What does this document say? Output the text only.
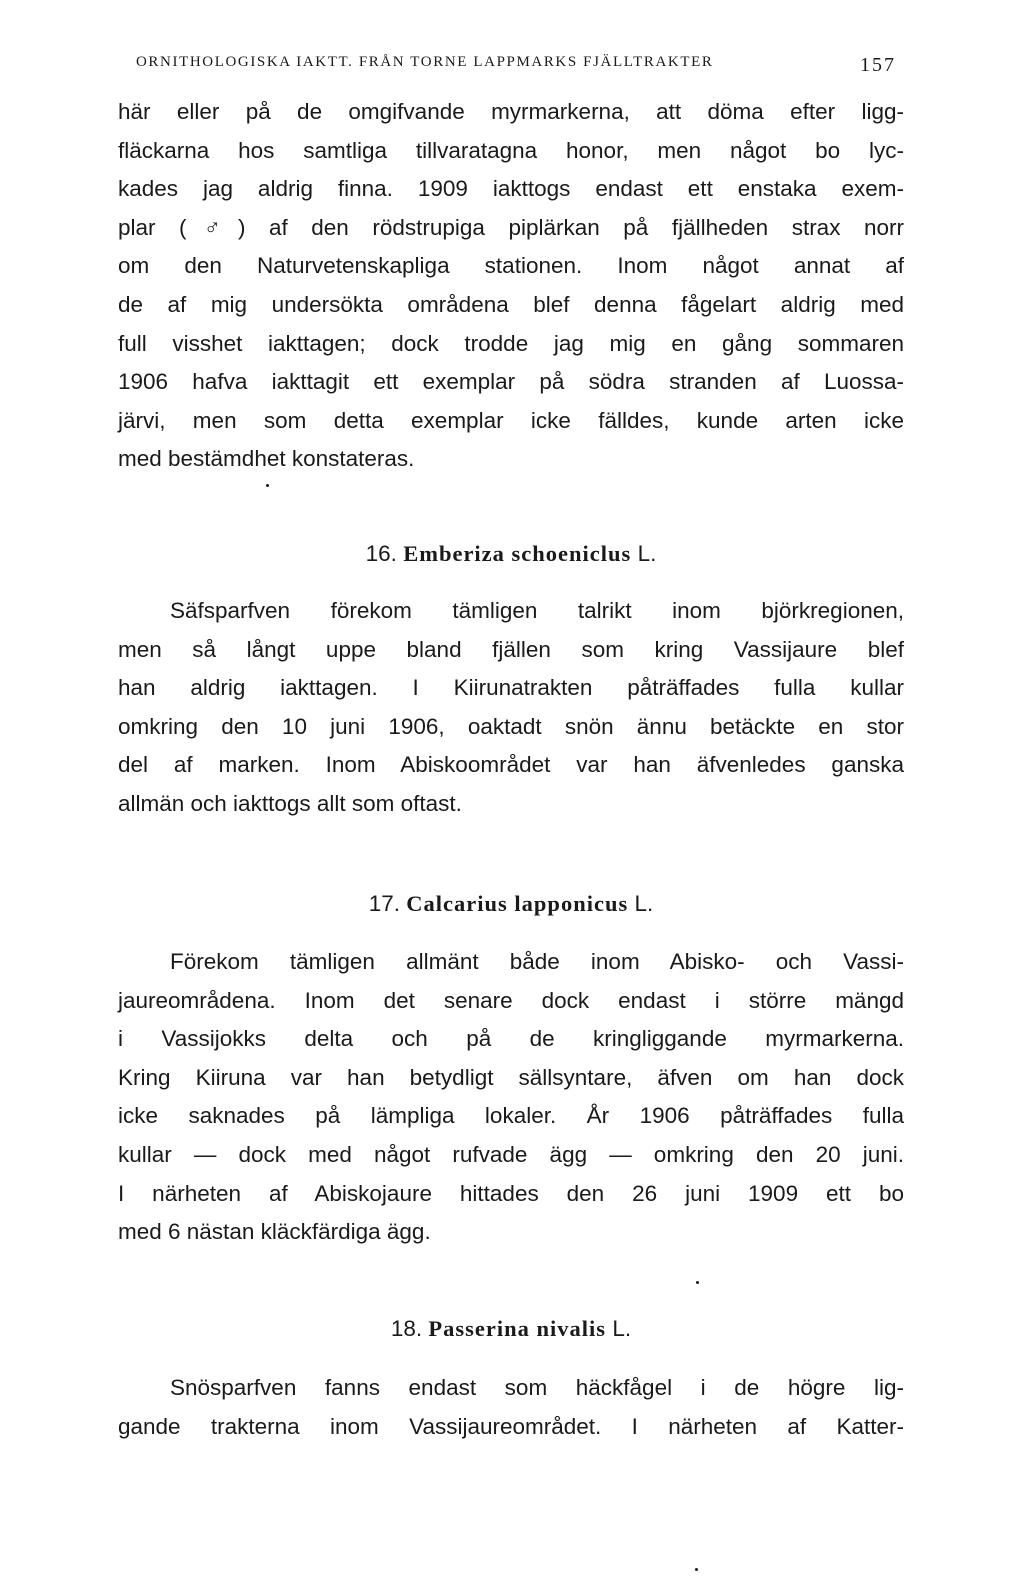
ORNITHOLOGISKA IAKTT. FRÅN TORNE LAPPMARKS FJÄLLTRAKTER	157
här eller på de omgifvande myrmarkerna, att döma efter ligg-
fläckarna hos samtliga tillvaratagna honor, men något bo lyc-
kades jag aldrig finna. 1909 iakttogs endast ett enstaka exem-
plar (♂) af den rödstrupiga piplärkan på fjällheden strax norr
om den Naturvetenskapliga stationen. Inom något annat af
de af mig undersökta områdena blef denna fågelart aldrig med
full visshet iakttagen; dock trodde jag mig en gång sommaren
1906 hafva iakttagit ett exemplar på södra stranden af Luossa-
järvi, men som detta exemplar icke fälldes, kunde arten icke
med bestämdhet konstateras.
16. Emberiza schoeniclus L.
Säfsparfven förekom tämligen talrikt inom björkregionen,
men så långt uppe bland fjällen som kring Vassijaure blef
han aldrig iakttagen. I Kiirunatrakten påträffades fulla kullar
omkring den 10 juni 1906, oaktadt snön ännu betäckte en stor
del af marken. Inom Abiskoområdet var han äfvenledes ganska
allmän och iakttogs allt som oftast.
17. Calcarius lapponicus L.
Förekom tämligen allmänt både inom Abisko- och Vassi-
jaureområdena. Inom det senare dock endast i större mängd
i Vassijokks delta och på de kringliggande myrmarkerna.
Kring Kiiruna var han betydligt sällsyntare, äfven om han dock
icke saknades på lämpliga lokaler. År 1906 påträffades fulla
kullar — dock med något rufvade ägg — omkring den 20 juni.
I närheten af Abiskojaure hittades den 26 juni 1909 ett bo
med 6 nästan kläckfärdiga ägg.
18. Passerina nivalis L.
Snösparfven fanns endast som häckfågel i de högre lig-
gande trakterna inom Vassijaureområdet. I närheten af Katter-
